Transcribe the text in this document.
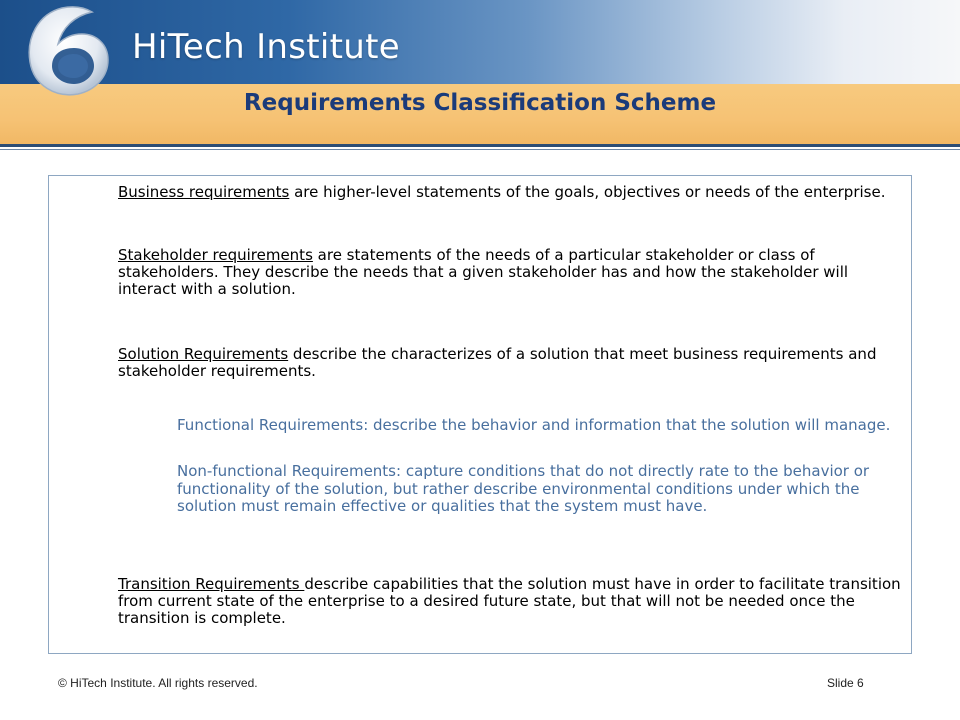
HiTech Institute
Requirements Classification Scheme

Business requirements are higher-level statements of the goals, objectives or needs of the enterprise.

Stakeholder requirements are statements of the needs of a particular stakeholder or class of stakeholders. They describe the needs that a given stakeholder has and how the stakeholder will interact with a solution.

Solution Requirements describe the characterizes of a solution that meet business requirements and stakeholder requirements.

Functional Requirements: describe the behavior and information that the solution will manage.

Non-functional Requirements: capture conditions that do not directly rate to the behavior or functionality of the solution, but rather describe environmental conditions under which the solution must remain effective or qualities that the system must have.

Transition Requirements describe capabilities that the solution must have in order to facilitate transition from current state of the enterprise to a desired future state, but that will not be needed once the transition is complete.

© HiTech Institute. All rights reserved.	Slide 6
